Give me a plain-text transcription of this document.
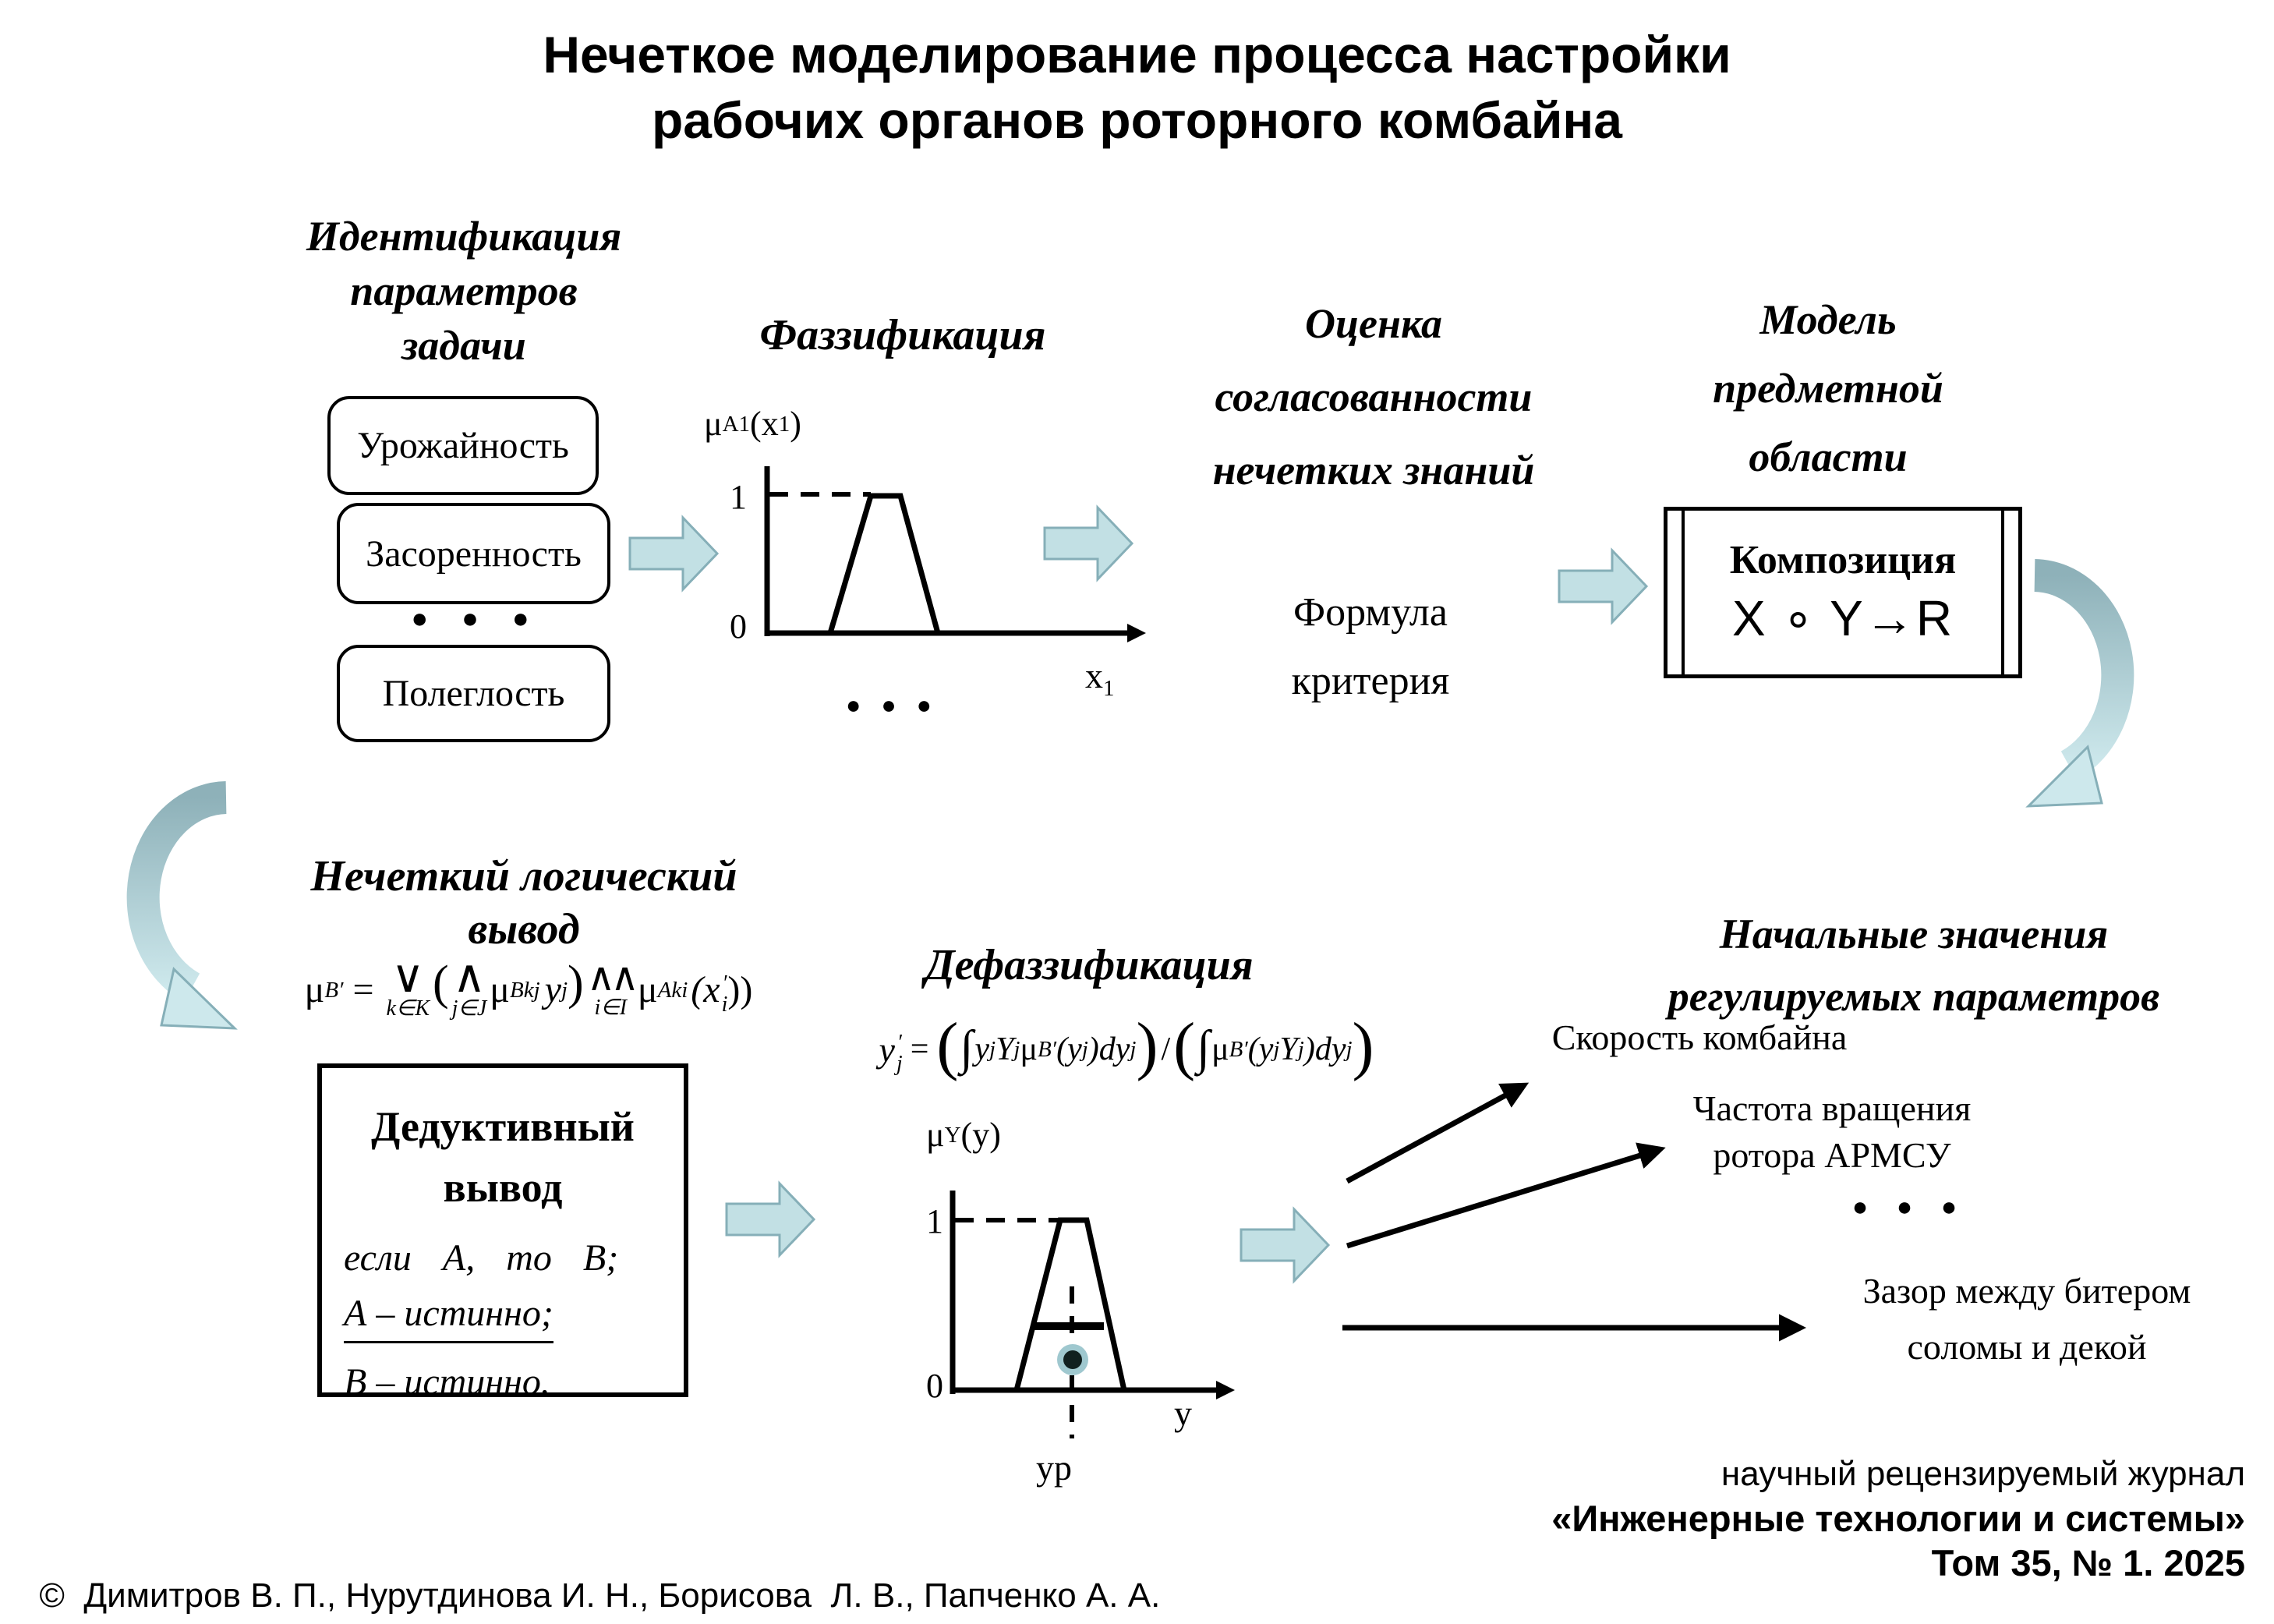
Нечеткое моделирование процесса настройки
рабочих органов роторного комбайна
Идентификация
параметров
задачи
Урожайность
Засоренность
● ● ●
Полеглость
Фаззификация
μ A1 (x 1 )
1
0
$x_1$
● ● ●
Оценка
согласованности
нечетких знаний
Формула
критерия
Модель
предметной
области
Композиция
X ∘ Y→R
Нечеткий логический
вывод
μ B′ = ∨
k∈K ( ∧
j∈J μ Bkj y j ) ∧∧
i∈I μ Aki (x ′
i ))
Дедуктивный
вывод
если А, то В;
А – истинно;
В – истинно.
Дефаззификация
y ′
j = ( ∫ y j Y j μ B′ (y j )dy j ) / ( ∫ μ B′ (y j Y j )dy j )
μ Y (y)
1
0
y
yp
Начальные значения
регулируемых параметров
Скорость комбайна
Частота вращения
ротора АРМСУ
● ● ●
Зазор между битером
соломы и декой
научный рецензируемый журнал
«Инженерные технологии и системы»
Том 35, № 1. 2025

©  Димитров В. П., Нурутдинова И. Н., Борисова  Л. В., Папченко А. А.
